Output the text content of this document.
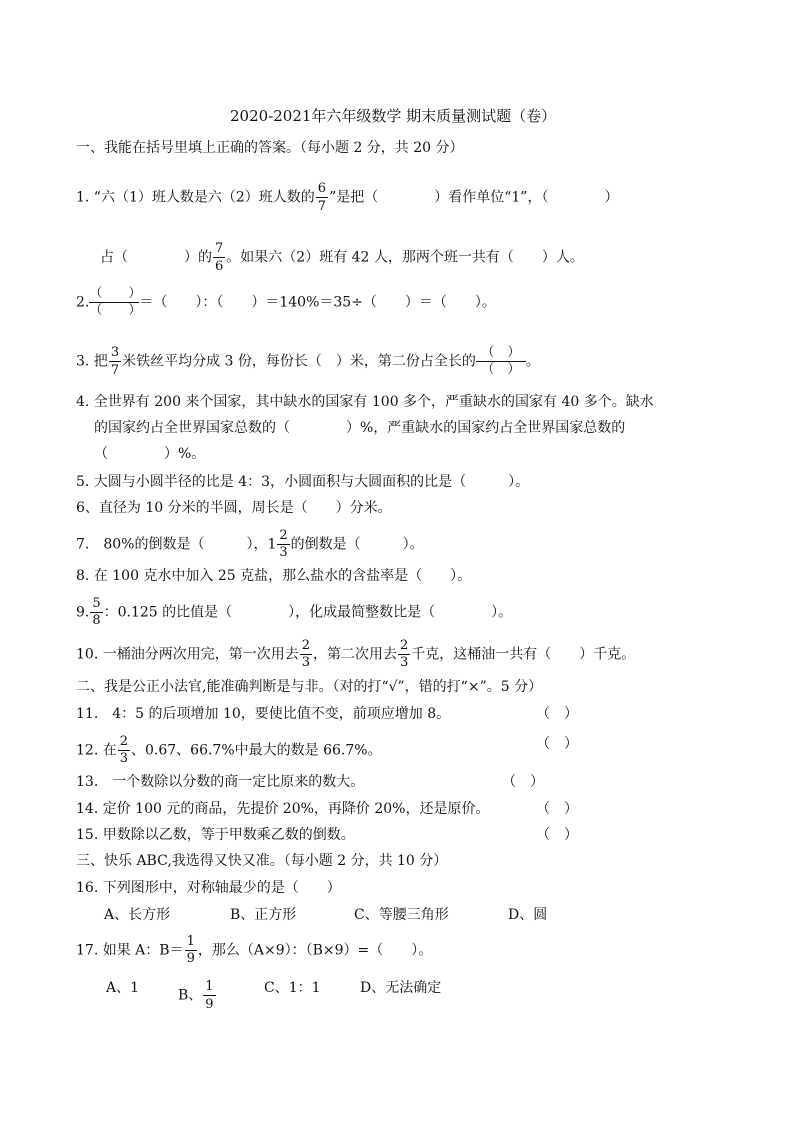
2020-2021年六年级数学 期末质量测试题（卷）
一、我能在括号里填上正确的答案。（每小题 2 分，共 20 分）
1. “六（1）班人数是六（2）班人数的 $\frac{6}{7}$ ”是把（　　　　）看作单位“1”，（　　　　）
占（　　　　）的 $\frac{7}{6}$ 。如果六（2）班有 42 人，那两个班一共有（　　）人。
2.
（　　）
（　　）
＝（　　）：（　　）＝140%＝35÷（　　）＝（　　）。
3. 把 $\frac{3}{7}$ 米铁丝平均分成 3 份，每份长（　）米，第二份占全长的
（　）
（　） 。
4. 全世界有 200 来个国家，其中缺水的国家有 100 多个，严重缺水的国家有 40 多个。缺水
的国家约占全世界国家总数的（　　　　）%，严重缺水的国家约占全世界国家总数的
（　　　　）%。
5. 大圆与小圆半径的比是 4：3，小圆面积与大圆面积的比是（　　　）。
6、直径为 10 分米的半圆，周长是（　　）分米。
7.　80%的倒数是（　　　），$1 \frac{2}{3}$ 的倒数是（　　　）。
8. 在 100 克水中加入 25 克盐，那么盐水的含盐率是（　　）。
9. $\frac{5}{8}$ ：0.125 的比值是（　　　　），化成最简整数比是（　　　　）。
10. 一桶油分两次用完，第一次用去 $\frac{2}{3}$ ，第二次用去 $\frac{2}{3}$ 千克，这桶油一共有（　　）千克。
二、我是公正小法官,能准确判断是与非。（对的打“√”，错的打“×”。5 分）
11.　4：5 的后项增加 10，要使比值不变，前项应增加 8。	（　）
12. 在 $\frac{2}{3}$ 、0.67、66.7%中最大的数是 66.7%。	（　）
13.　一个数除以分数的商一定比原来的数大。	（　）
14. 定价 100 元的商品，先提价 20%，再降价 20%，还是原价。	（　）
15. 甲数除以乙数，等于甲数乘乙数的倒数。	（　）
三、快乐 ABC,我选得又快又准。（每小题 2 分，共 10 分）
16. 下列图形中，对称轴最少的是（　　）
A、长方形	B、正方形	C、等腰三角形	D、圆
17. 如果 A：$B= \frac{1}{9}$ ，那么（A×9）：（B×9）=（　　）。
A、1	B、 $\frac{1}{9}$	C、1：1	D、无法确定
